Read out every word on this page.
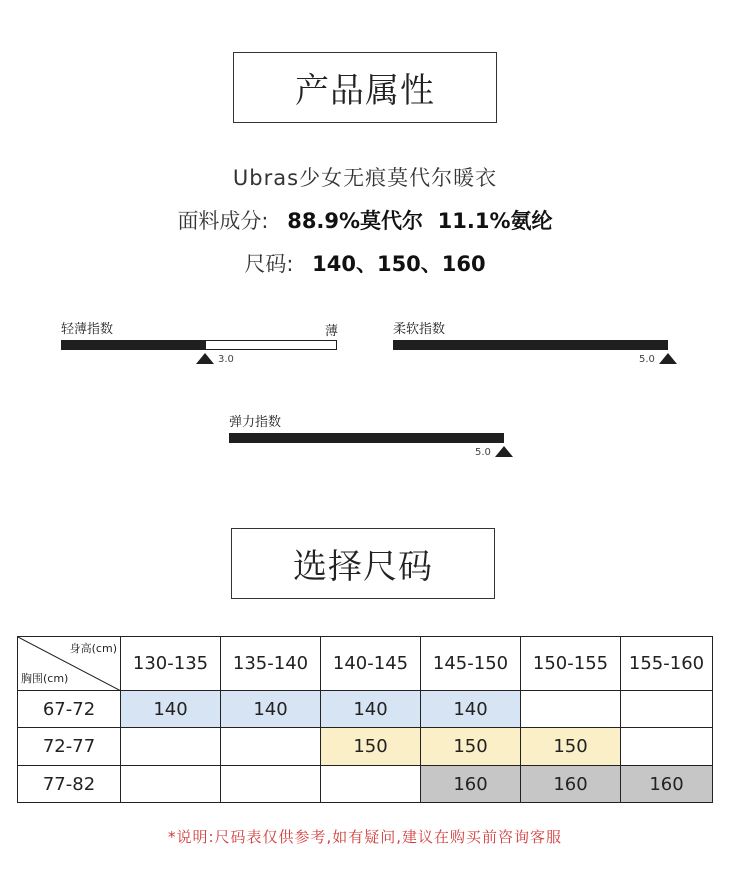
产品属性
Ubras少女无痕莫代尔暖衣
面料成分: 88.9%莫代尔  11.1%氨纶
尺码: 140、150、160
轻薄指数	薄
3.0
柔软指数
5.0
弹力指数
5.0
选择尺码
身高(cm)
胸围(cm)	130-135	135-140	140-145	145-150	150-155	155-160
67-72	140	140	140	140		
72-77			150	150	150	
77-82				160	160	160
*说明:尺码表仅供参考,如有疑问,建议在购买前咨询客服
